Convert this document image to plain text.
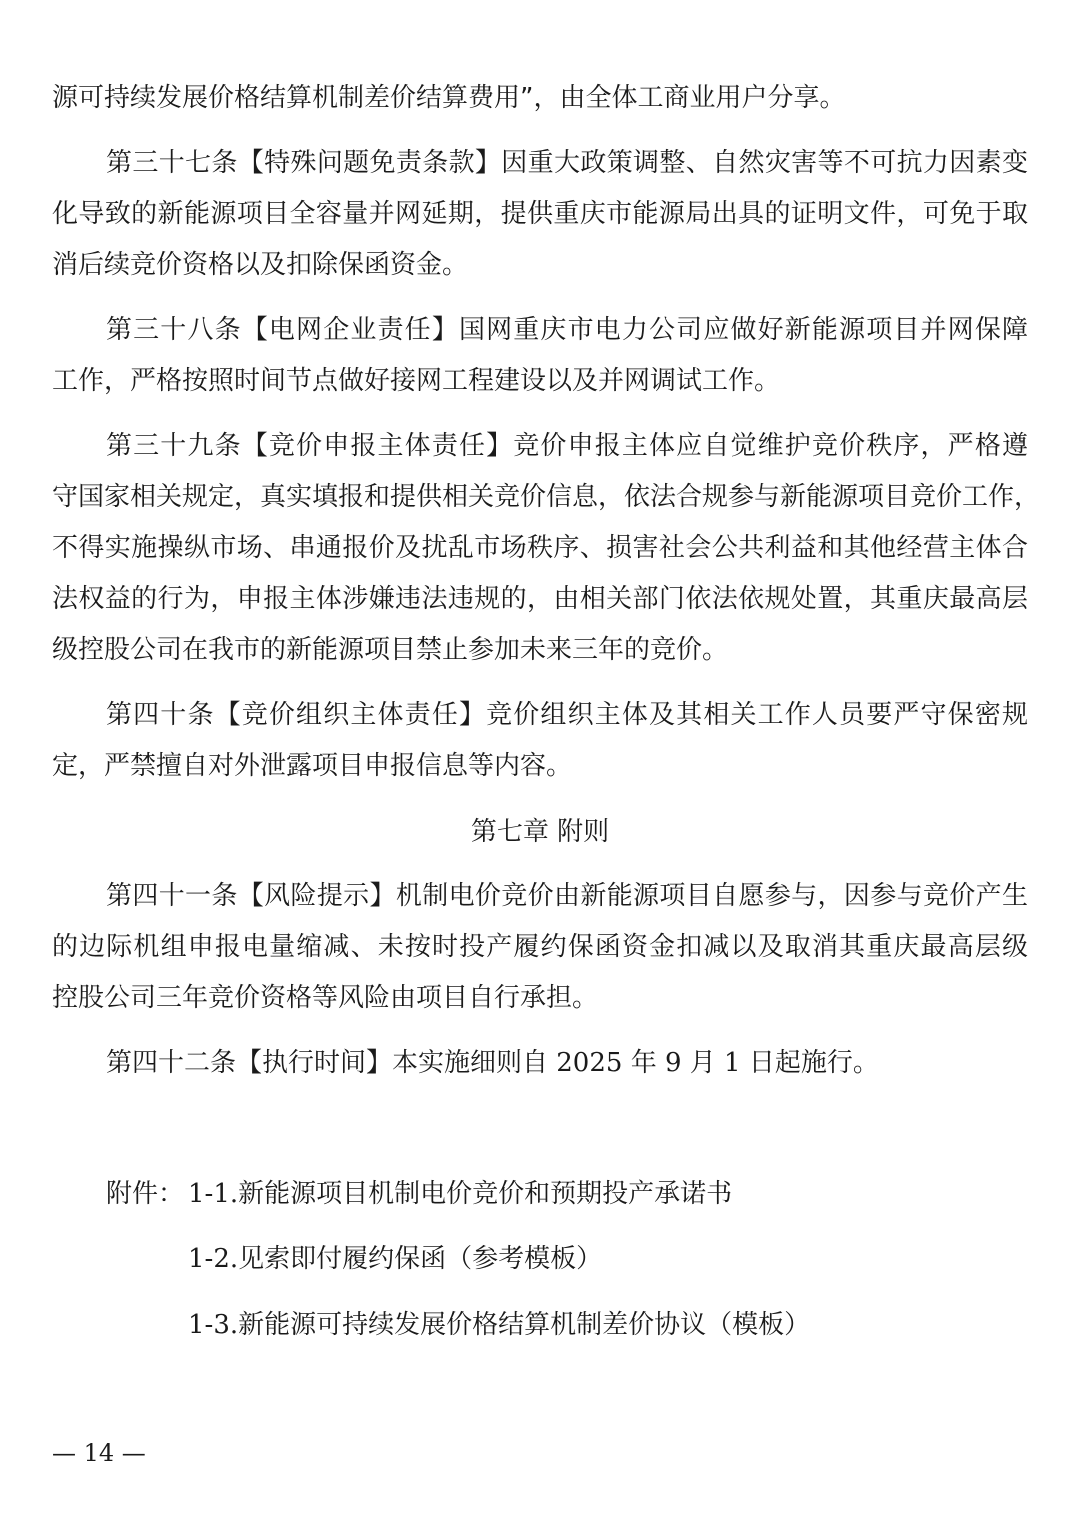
源可持续发展价格结算机制差价结算费用”，由全体工商业用户分享。
第三十七条【特殊问题免责条款】因重大政策调整、自然灾害等不可抗力因素变
化导致的新能源项目全容量并网延期，提供重庆市能源局出具的证明文件，可免于取
消后续竞价资格以及扣除保函资金。
第三十八条【电网企业责任】国网重庆市电力公司应做好新能源项目并网保障
工作，严格按照时间节点做好接网工程建设以及并网调试工作。
第三十九条【竞价申报主体责任】竞价申报主体应自觉维护竞价秩序，严格遵
守国家相关规定，真实填报和提供相关竞价信息，依法合规参与新能源项目竞价工作，
不得实施操纵市场、串通报价及扰乱市场秩序、损害社会公共利益和其他经营主体合
法权益的行为，申报主体涉嫌违法违规的，由相关部门依法依规处置，其重庆最高层
级控股公司在我市的新能源项目禁止参加未来三年的竞价。
第四十条【竞价组织主体责任】竞价组织主体及其相关工作人员要严守保密规
定，严禁擅自对外泄露项目申报信息等内容。
第七章 附则
第四十一条【风险提示】机制电价竞价由新能源项目自愿参与，因参与竞价产生
的边际机组申报电量缩减、未按时投产履约保函资金扣减以及取消其重庆最高层级
控股公司三年竞价资格等风险由项目自行承担。
第四十二条【执行时间】本实施细则自 2025 年 9 月 1 日起施行。
附件： 1-1.新能源项目机制电价竞价和预期投产承诺书
1-2.见索即付履约保函（参考模板）
1-3.新能源可持续发展价格结算机制差价协议（模板）
— 14 —
